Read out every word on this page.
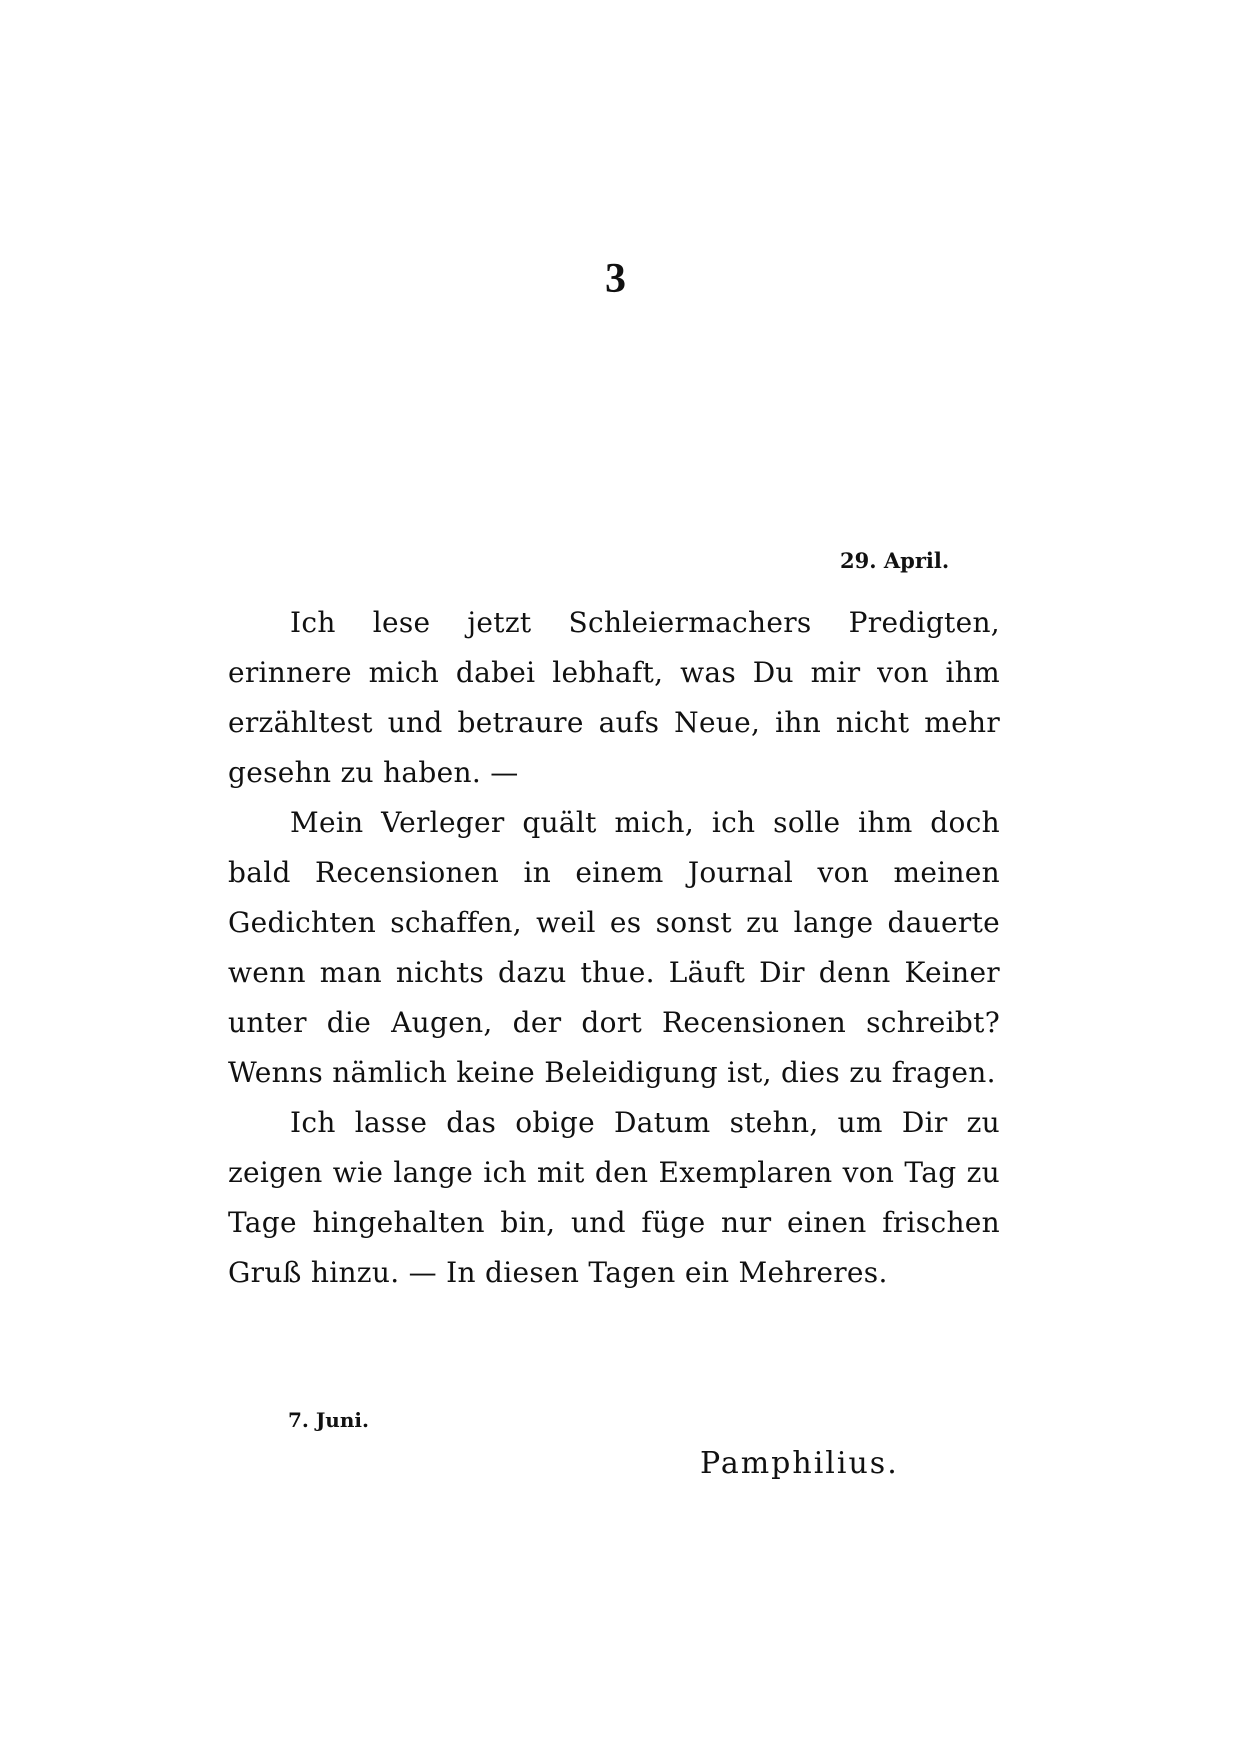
3
29. April.

Ich lese jetzt Schleiermachers Predigten, erinnere mich dabei lebhaft, was Du mir von ihm erzähltest und betraure aufs Neue, ihn nicht mehr gesehn zu haben. —

Mein Verleger quält mich, ich solle ihm doch bald Recensionen in einem Journal von meinen Gedichten schaffen, weil es sonst zu lange dauerte wenn man nichts dazu thue. Läuft Dir denn Keiner unter die Augen, der dort Recensionen schreibt? Wenns nämlich keine Beleidigung ist, dies zu fragen.

Ich lasse das obige Datum stehn, um Dir zu zeigen wie lange ich mit den Exemplaren von Tag zu Tage hingehalten bin, und füge nur einen frischen Gruß hinzu. — In diesen Tagen ein Mehreres.

7. Juni.
Pamphilius.
